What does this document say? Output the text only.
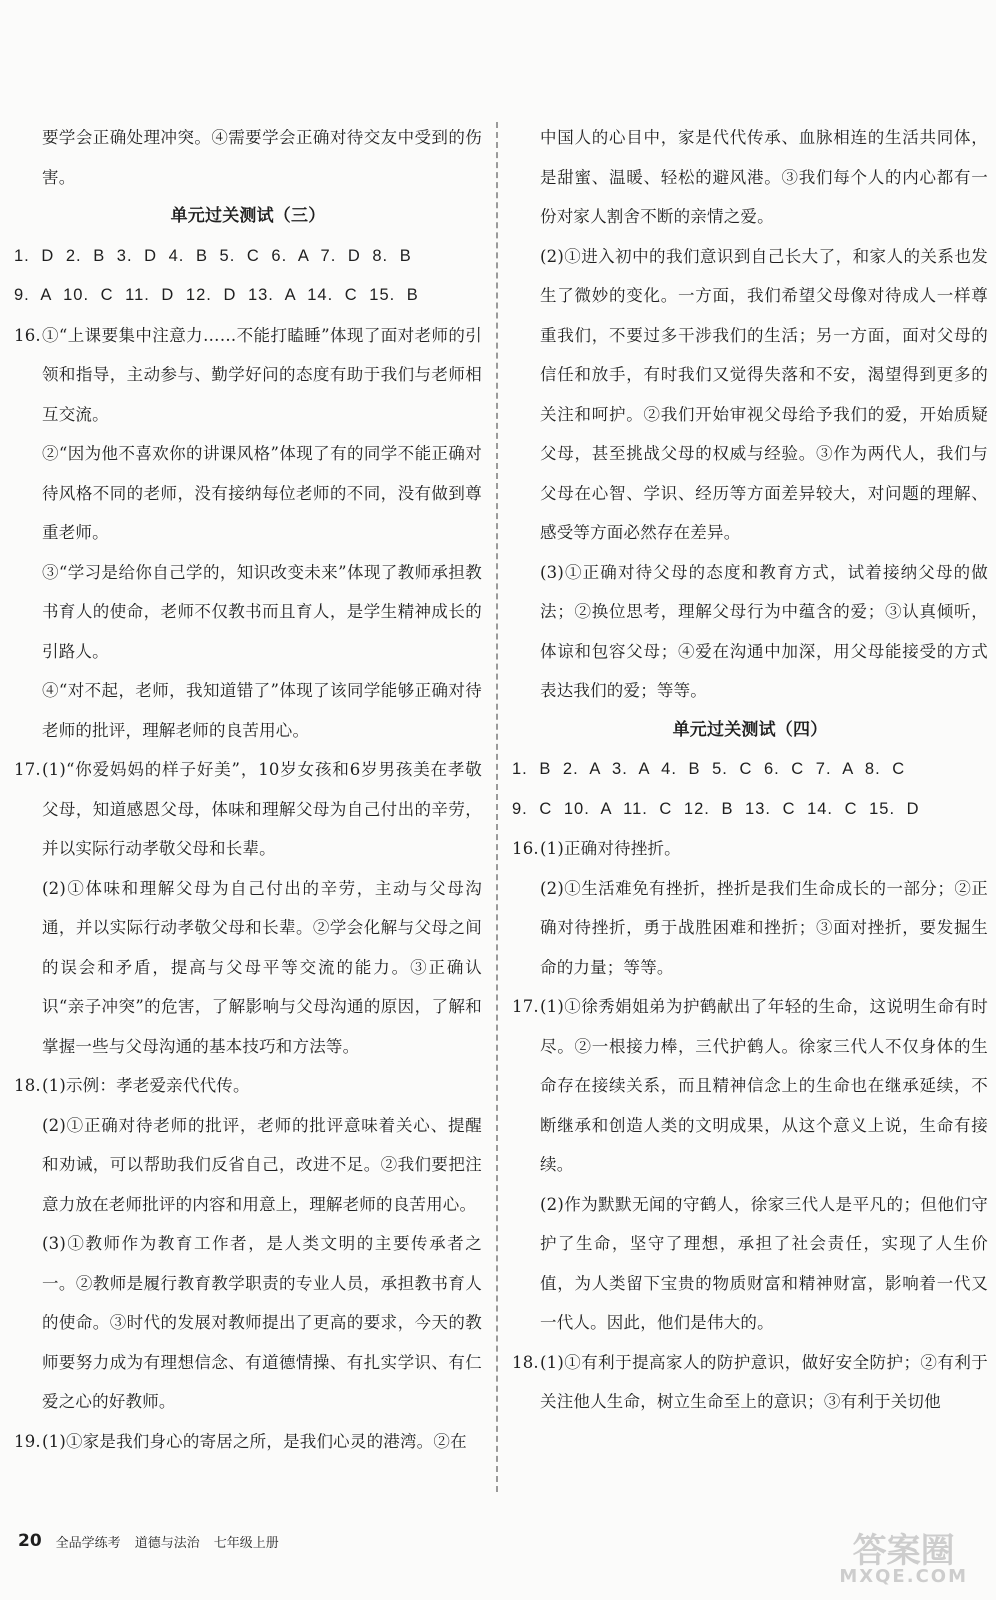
要学会正确处理冲突。④需要学会正确对待交友中受到的伤害。

单元过关测试（三）

1. D 2. B 3. D 4. B 5. C 6. A 7. D 8. B

9. A 10. C 11. D 12. D 13. A 14. C 15. B

16. ①“上课要集中注意力……不能打瞌睡”体现了面对老师的引领和指导，主动参与、勤学好问的态度有助于我们与老师相互交流。

②“因为他不喜欢你的讲课风格”体现了有的同学不能正确对待风格不同的老师，没有接纳每位老师的不同，没有做到尊重老师。

③“学习是给你自己学的，知识改变未来”体现了教师承担教书育人的使命，老师不仅教书而且育人，是学生精神成长的引路人。

④“对不起，老师，我知道错了”体现了该同学能够正确对待老师的批评，理解老师的良苦用心。

17. (1)“你爱妈妈的样子好美”，10岁女孩和6岁男孩美在孝敬父母，知道感恩父母，体味和理解父母为自己付出的辛劳，并以实际行动孝敬父母和长辈。

(2)①体味和理解父母为自己付出的辛劳，主动与父母沟通，并以实际行动孝敬父母和长辈。②学会化解与父母之间的误会和矛盾，提高与父母平等交流的能力。③正确认识“亲子冲突”的危害，了解影响与父母沟通的原因，了解和掌握一些与父母沟通的基本技巧和方法等。

18. (1)示例：孝老爱亲代代传。

(2)①正确对待老师的批评，老师的批评意味着关心、提醒和劝诫，可以帮助我们反省自己，改进不足。②我们要把注意力放在老师批评的内容和用意上，理解老师的良苦用心。

(3)①教师作为教育工作者，是人类文明的主要传承者之一。②教师是履行教育教学职责的专业人员，承担教书育人的使命。③时代的发展对教师提出了更高的要求，今天的教师要努力成为有理想信念、有道德情操、有扎实学识、有仁爱之心的好教师。

19. (1)①家是我们身心的寄居之所，是我们心灵的港湾。②在

中国人的心目中，家是代代传承、血脉相连的生活共同体，是甜蜜、温暖、轻松的避风港。③我们每个人的内心都有一份对家人割舍不断的亲情之爱。

(2)①进入初中的我们意识到自己长大了，和家人的关系也发生了微妙的变化。一方面，我们希望父母像对待成人一样尊重我们，不要过多干涉我们的生活；另一方面，面对父母的信任和放手，有时我们又觉得失落和不安，渴望得到更多的关注和呵护。②我们开始审视父母给予我们的爱，开始质疑父母，甚至挑战父母的权威与经验。③作为两代人，我们与父母在心智、学识、经历等方面差异较大，对问题的理解、感受等方面必然存在差异。

(3)①正确对待父母的态度和教育方式，试着接纳父母的做法；②换位思考，理解父母行为中蕴含的爱；③认真倾听，体谅和包容父母；④爱在沟通中加深，用父母能接受的方式表达我们的爱；等等。

单元过关测试（四）

1. B 2. A 3. A 4. B 5. C 6. C 7. A 8. C

9. C 10. A 11. C 12. B 13. C 14. C 15. D

16. (1)正确对待挫折。

(2)①生活难免有挫折，挫折是我们生命成长的一部分；②正确对待挫折，勇于战胜困难和挫折；③面对挫折，要发掘生命的力量；等等。

17. (1)①徐秀娟姐弟为护鹤献出了年轻的生命，这说明生命有时尽。②一根接力棒，三代护鹤人。徐家三代人不仅身体的生命存在接续关系，而且精神信念上的生命也在继承延续，不断继承和创造人类的文明成果，从这个意义上说，生命有接续。

(2)作为默默无闻的守鹤人，徐家三代人是平凡的；但他们守护了生命，坚守了理想，承担了社会责任，实现了人生价值，为人类留下宝贵的物质财富和精神财富，影响着一代又一代人。因此，他们是伟大的。

18. (1)①有利于提高家人的防护意识，做好安全防护；②有利于关注他人生命，树立生命至上的意识；③有利于关切他
20 全品学练考 道德与法治 七年级上册	答案圈
MXQE.COM
